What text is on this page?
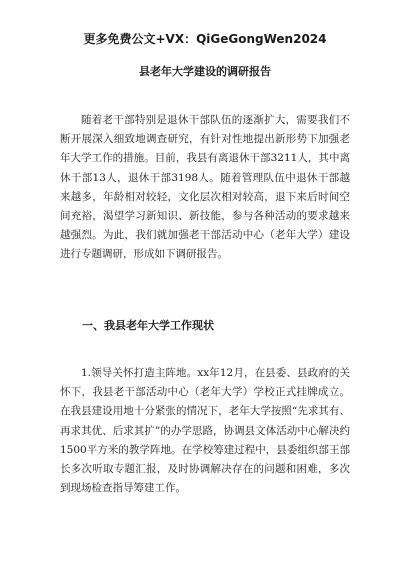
更多免费公文+VX：QiGeGongWen2024
县老年大学建设的调研报告

随着老干部特别是退休干部队伍的逐渐扩大，需要我们不断开展深入细致地调查研究，有针对性地提出新形势下加强老年大学工作的措施。目前，我县有离退休干部3211人，其中离休干部13人，退休干部3198人。随着管理队伍中退休干部越来越多，年龄相对较轻，文化层次相对较高，退下来后时间空间充裕，渴望学习新知识、新技能，参与各种活动的要求越来越强烈。为此，我们就加强老干部活动中心（老年大学）建设进行专题调研，形成如下调研报告。

一、我县老年大学工作现状

1.领导关怀打造主阵地。xx年12月，在县委、县政府的关怀下，我县老干部活动中心（老年大学）学校正式挂牌成立。在我县建设用地十分紧张的情况下，老年大学按照“先求其有、再求其优、后求其扩”的办学思路，协调县文体活动中心解决约1500平方米的教学阵地。在学校筹建过程中，县委组织部王部长多次听取专题汇报，及时协调解决存在的问题和困难，多次到现场检查指导筹建工作。
